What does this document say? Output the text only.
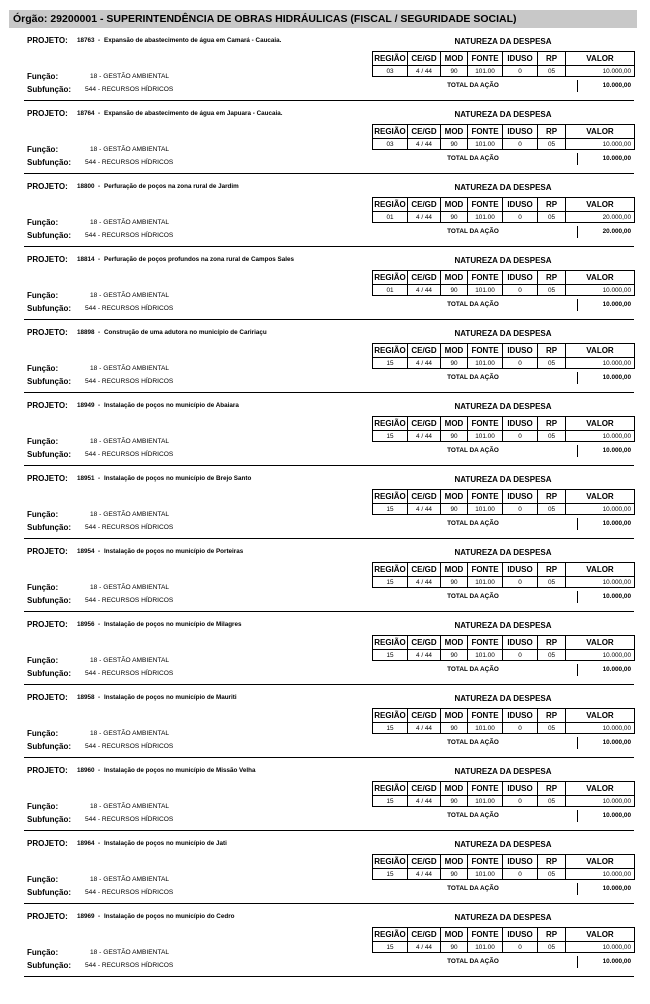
Órgão: 29200001 - SUPERINTENDÊNCIA DE OBRAS HIDRÁULICAS (FISCAL / SEGURIDADE SOCIAL)
PROJETO: 18763 - Expansão de abastecimento de água em Camará - Caucaia.	NATUREZA DA DESPESA
REGIÃO	CE/GD	MOD	FONTE	IDUSO	RP	VALOR
03	4 / 44	90	101.00	0	05	10.000,00
Função:	18 - GESTÃO AMBIENTAL
Subfunção: 544 - RECURSOS HÍDRICOS
TOTAL DA AÇÃO	10.000,00
PROJETO: 18764 - Expansão de abastecimento de água em Japuara - Caucaia.	NATUREZA DA DESPESA
REGIÃO	CE/GD	MOD	FONTE	IDUSO	RP	VALOR
03	4 / 44	90	101.00	0	05	10.000,00
Função:	18 - GESTÃO AMBIENTAL
Subfunção: 544 - RECURSOS HÍDRICOS
TOTAL DA AÇÃO	10.000,00
PROJETO: 18800 - Perfuração de poços na zona rural de Jardim	NATUREZA DA DESPESA
REGIÃO	CE/GD	MOD	FONTE	IDUSO	RP	VALOR
01	4 / 44	90	101.00	0	05	20.000,00
Função:	18 - GESTÃO AMBIENTAL
Subfunção: 544 - RECURSOS HÍDRICOS
TOTAL DA AÇÃO	20.000,00
PROJETO: 18814 - Perfuração de poços profundos na zona rural de Campos Sales	NATUREZA DA DESPESA
REGIÃO	CE/GD	MOD	FONTE	IDUSO	RP	VALOR
01	4 / 44	90	101.00	0	05	10.000,00
Função:	18 - GESTÃO AMBIENTAL
Subfunção: 544 - RECURSOS HÍDRICOS
TOTAL DA AÇÃO	10.000,00
PROJETO: 18898 - Construção de uma adutora no município de Caririaçu	NATUREZA DA DESPESA
REGIÃO	CE/GD	MOD	FONTE	IDUSO	RP	VALOR
15	4 / 44	90	101.00	0	05	10.000,00
Função:	18 - GESTÃO AMBIENTAL
Subfunção: 544 - RECURSOS HÍDRICOS
TOTAL DA AÇÃO	10.000,00
PROJETO: 18949 - Instalação de poços no município de Abaiara	NATUREZA DA DESPESA
REGIÃO	CE/GD	MOD	FONTE	IDUSO	RP	VALOR
15	4 / 44	90	101.00	0	05	10.000,00
Função:	18 - GESTÃO AMBIENTAL
Subfunção: 544 - RECURSOS HÍDRICOS
TOTAL DA AÇÃO	10.000,00
PROJETO: 18951 - Instalação de poços no município de Brejo Santo	NATUREZA DA DESPESA
REGIÃO	CE/GD	MOD	FONTE	IDUSO	RP	VALOR
15	4 / 44	90	101.00	0	05	10.000,00
Função:	18 - GESTÃO AMBIENTAL
Subfunção: 544 - RECURSOS HÍDRICOS
TOTAL DA AÇÃO	10.000,00
PROJETO: 18954 - Instalação de poços no município de Porteiras	NATUREZA DA DESPESA
REGIÃO	CE/GD	MOD	FONTE	IDUSO	RP	VALOR
15	4 / 44	90	101.00	0	05	10.000,00
Função:	18 - GESTÃO AMBIENTAL
Subfunção: 544 - RECURSOS HÍDRICOS
TOTAL DA AÇÃO	10.000,00
PROJETO: 18956 - Instalação de poços no município de Milagres	NATUREZA DA DESPESA
REGIÃO	CE/GD	MOD	FONTE	IDUSO	RP	VALOR
15	4 / 44	90	101.00	0	05	10.000,00
Função:	18 - GESTÃO AMBIENTAL
Subfunção: 544 - RECURSOS HÍDRICOS
TOTAL DA AÇÃO	10.000,00
PROJETO: 18958 - Instalação de poços no município de Mauriti	NATUREZA DA DESPESA
REGIÃO	CE/GD	MOD	FONTE	IDUSO	RP	VALOR
15	4 / 44	90	101.00	0	05	10.000,00
Função:	18 - GESTÃO AMBIENTAL
Subfunção: 544 - RECURSOS HÍDRICOS
TOTAL DA AÇÃO	10.000,00
PROJETO: 18960 - Instalação de poços no município de Missão Velha	NATUREZA DA DESPESA
REGIÃO	CE/GD	MOD	FONTE	IDUSO	RP	VALOR
15	4 / 44	90	101.00	0	05	10.000,00
Função:	18 - GESTÃO AMBIENTAL
Subfunção: 544 - RECURSOS HÍDRICOS
TOTAL DA AÇÃO	10.000,00
PROJETO: 18964 - Instalação de poços no município de Jati	NATUREZA DA DESPESA
REGIÃO	CE/GD	MOD	FONTE	IDUSO	RP	VALOR
15	4 / 44	90	101.00	0	05	10.000,00
Função:	18 - GESTÃO AMBIENTAL
Subfunção: 544 - RECURSOS HÍDRICOS
TOTAL DA AÇÃO	10.000,00
PROJETO: 18969 - Instalação de poços no município do Cedro	NATUREZA DA DESPESA
REGIÃO	CE/GD	MOD	FONTE	IDUSO	RP	VALOR
15	4 / 44	90	101.00	0	05	10.000,00
Função:	18 - GESTÃO AMBIENTAL
Subfunção: 544 - RECURSOS HÍDRICOS
TOTAL DA AÇÃO	10.000,00
